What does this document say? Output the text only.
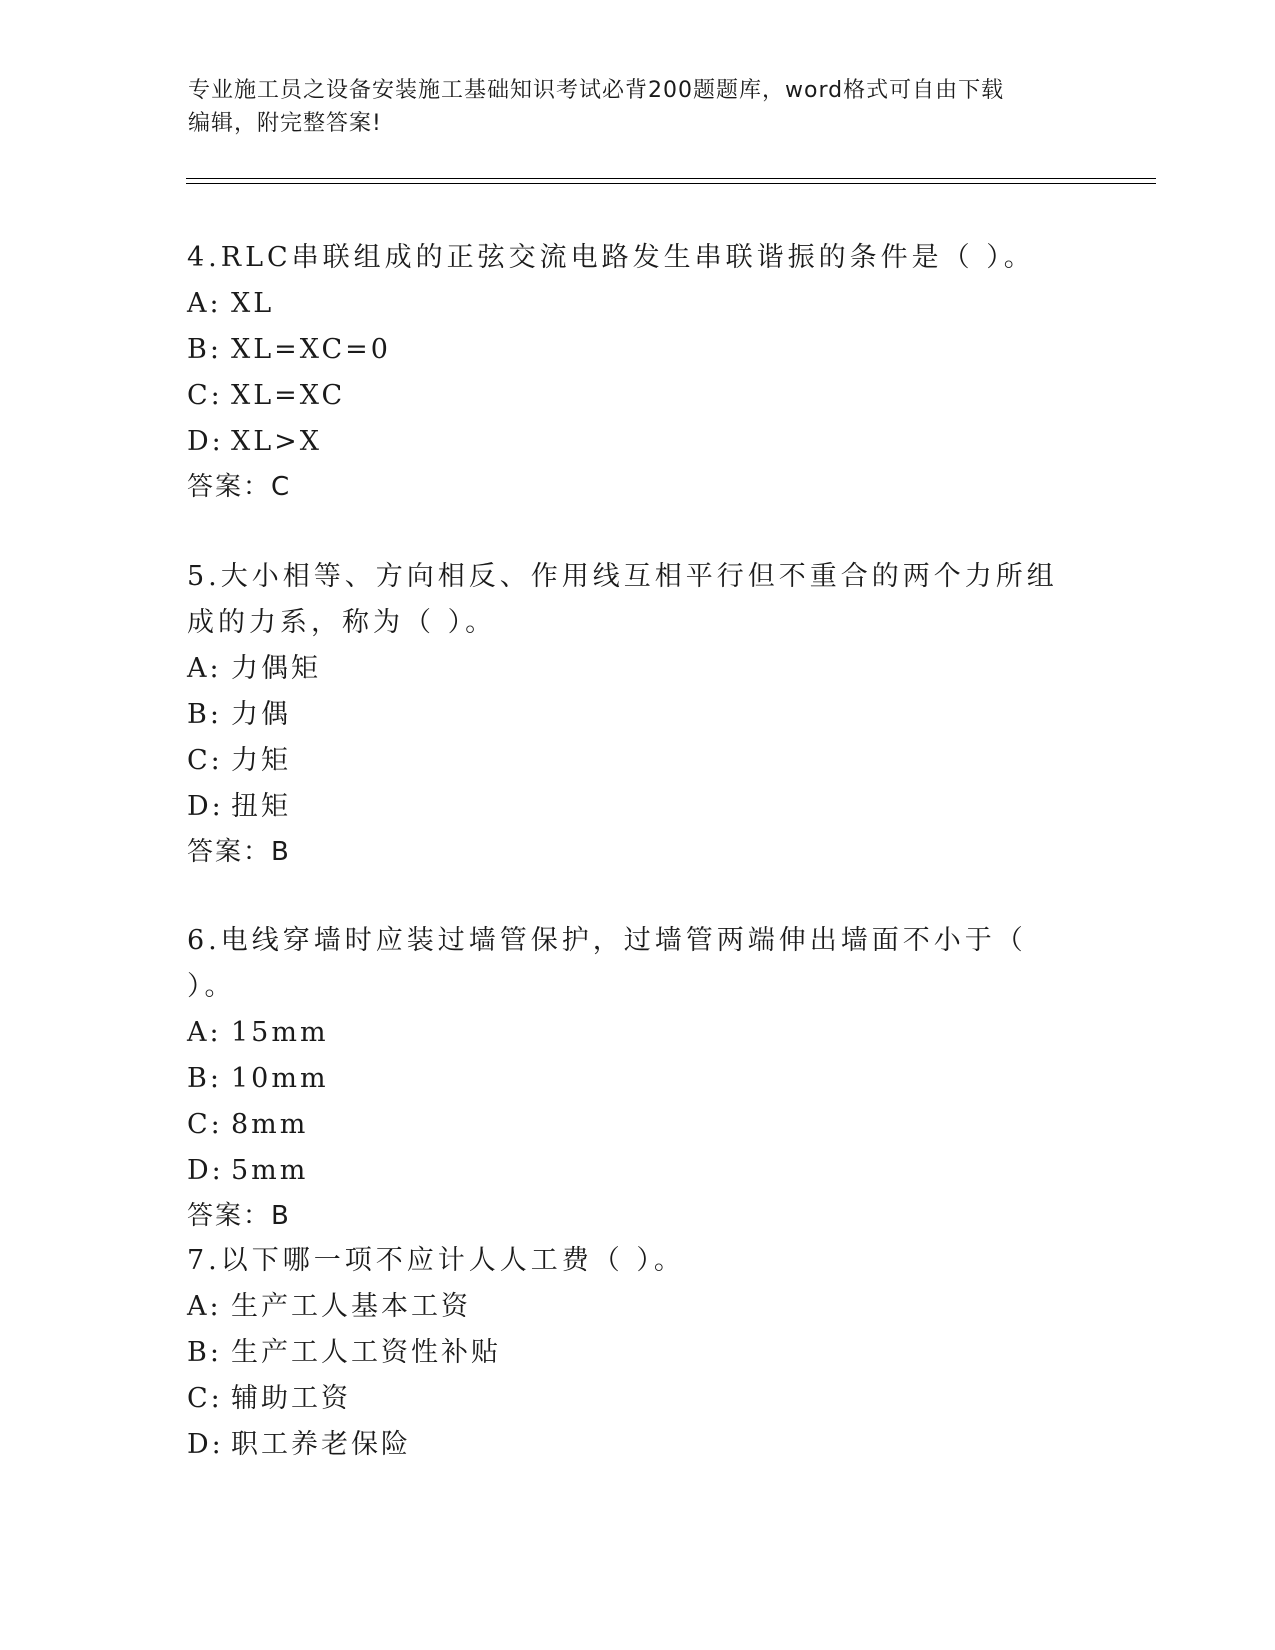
专业施工员之设备安装施工基础知识考试必背200题题库，word格式可自由下载
编辑，附完整答案!

4.RLC串联组成的正弦交流电路发生串联谐振的条件是（ ）。

A: XL

B: XL=XC=0

C: XL=XC

D: XL>X

答案：C

5.大小相等、方向相反、作用线互相平行但不重合的两个力所组成的力系，称为（ ）。

A: 力偶矩

B: 力偶

C: 力矩

D: 扭矩

答案：B

6.电线穿墙时应装过墙管保护，过墙管两端伸出墙面不小于（ ）。

A: 15mm

B: 10mm

C: 8mm

D: 5mm

答案：B

7.以下哪一项不应计人人工费（ ）。

A: 生产工人基本工资

B: 生产工人工资性补贴

C: 辅助工资

D: 职工养老保险
